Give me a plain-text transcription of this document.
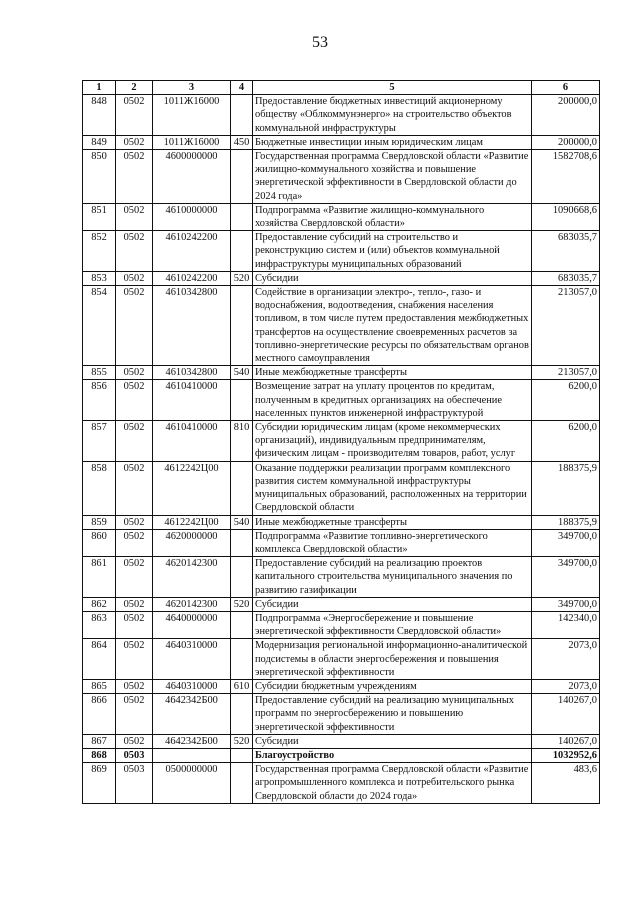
53
1	2	3	4	5	6
848	0502	1011Ж16000		Предоставление бюджетных инвестиций акционерному обществу «Облкоммунэнерго» на строительство объектов коммунальной инфраструктуры	200000,0
849	0502	1011Ж16000	450	Бюджетные инвестиции иным юридическим лицам	200000,0
850	0502	4600000000		Государственная программа Свердловской области «Развитие жилищно-коммунального хозяйства и повышение энергетической эффективности в Свердловской области до 2024 года»	1582708,6
851	0502	4610000000		Подпрограмма «Развитие жилищно-коммунального хозяйства Свердловской области»	1090668,6
852	0502	4610242200		Предоставление субсидий на строительство и реконструкцию систем и (или) объектов коммунальной инфраструктуры муниципальных образований	683035,7
853	0502	4610242200	520	Субсидии	683035,7
854	0502	4610342800		Содействие в организации электро-, тепло-, газо- и водоснабжения, водоотведения, снабжения населения топливом, в том числе путем предоставления межбюджетных трансфертов на осуществление своевременных расчетов за топливно-энергетические ресурсы по обязательствам органов местного самоуправления	213057,0
855	0502	4610342800	540	Иные межбюджетные трансферты	213057,0
856	0502	4610410000		Возмещение затрат на уплату процентов по кредитам, полученным в кредитных организациях на обеспечение населенных пунктов инженерной инфраструктурой	6200,0
857	0502	4610410000	810	Субсидии юридическим лицам (кроме некоммерческих организаций), индивидуальным предпринимателям, физическим лицам - производителям товаров, работ, услуг	6200,0
858	0502	4612242Ц00		Оказание поддержки реализации программ комплексного развития систем коммунальной инфраструктуры муниципальных образований, расположенных на территории Свердловской области	188375,9
859	0502	4612242Ц00	540	Иные межбюджетные трансферты	188375,9
860	0502	4620000000		Подпрограмма «Развитие топливно-энергетического комплекса Свердловской области»	349700,0
861	0502	4620142300		Предоставление субсидий на реализацию проектов капитального строительства муниципального значения по развитию газификации	349700,0
862	0502	4620142300	520	Субсидии	349700,0
863	0502	4640000000		Подпрограмма «Энергосбережение и повышение энергетической эффективности Свердловской области»	142340,0
864	0502	4640310000		Модернизация региональной информационно-аналитической подсистемы в области энергосбережения и повышения энергетической эффективности	2073,0
865	0502	4640310000	610	Субсидии бюджетным учреждениям	2073,0
866	0502	4642342Б00		Предоставление субсидий на реализацию муниципальных программ по энергосбережению и повышению энергетической эффективности	140267,0
867	0502	4642342Б00	520	Субсидии	140267,0
868	0503			Благоустройство	1032952,6
869	0503	0500000000		Государственная программа Свердловской области «Развитие агропромышленного комплекса и потребительского рынка Свердловской области до 2024 года»	483,6
